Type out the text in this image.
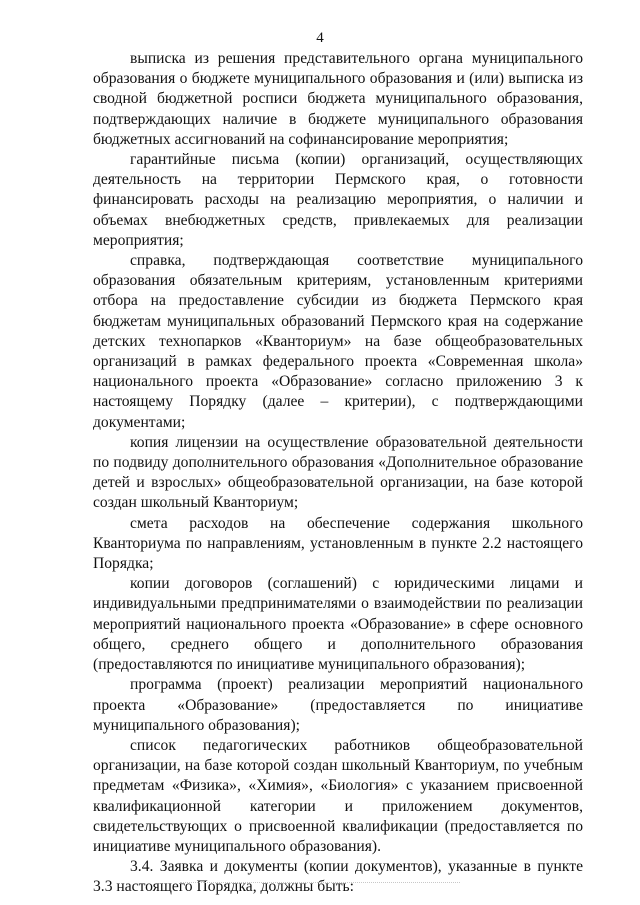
4

выписка из решения представительного органа муниципального образования о бюджете муниципального образования и (или) выписка из сводной бюджетной росписи бюджета муниципального образования, подтверждающих наличие в бюджете муниципального образования бюджетных ассигнований на софинансирование мероприятия;

гарантийные письма (копии) организаций, осуществляющих деятельность на территории Пермского края, о готовности финансировать расходы на реализацию мероприятия, о наличии и объемах внебюджетных средств, привлекаемых для реализации мероприятия;

справка, подтверждающая соответствие муниципального образования обязательным критериям, установленным критериями отбора на предоставление субсидии из бюджета Пермского края бюджетам муниципальных образований Пермского края на содержание детских технопарков «Кванториум» на базе общеобразовательных организаций в рамках федерального проекта «Современная школа» национального проекта «Образование» согласно приложению 3 к настоящему Порядку (далее – критерии), с подтверждающими документами;

копия лицензии на осуществление образовательной деятельности по подвиду дополнительного образования «Дополнительное образование детей и взрослых» общеобразовательной организации, на базе которой создан школьный Кванториум;

смета расходов на обеспечение содержания школьного Кванториума по направлениям, установленным в пункте 2.2 настоящего Порядка;

копии договоров (соглашений) с юридическими лицами и индивидуальными предпринимателями о взаимодействии по реализации мероприятий национального проекта «Образование» в сфере основного общего, среднего общего и дополнительного образования (предоставляются по инициативе муниципального образования);

программа (проект) реализации мероприятий национального проекта «Образование» (предоставляется по инициативе муниципального образования);

список педагогических работников общеобразовательной организации, на базе которой создан школьный Кванториум, по учебным предметам «Физика», «Химия», «Биология» с указанием присвоенной квалификационной категории и приложением документов, свидетельствующих о присвоенной квалификации (предоставляется по инициативе муниципального образования).

3.4. Заявка и документы (копии документов), указанные в пункте 3.3 настоящего Порядка, должны быть:
